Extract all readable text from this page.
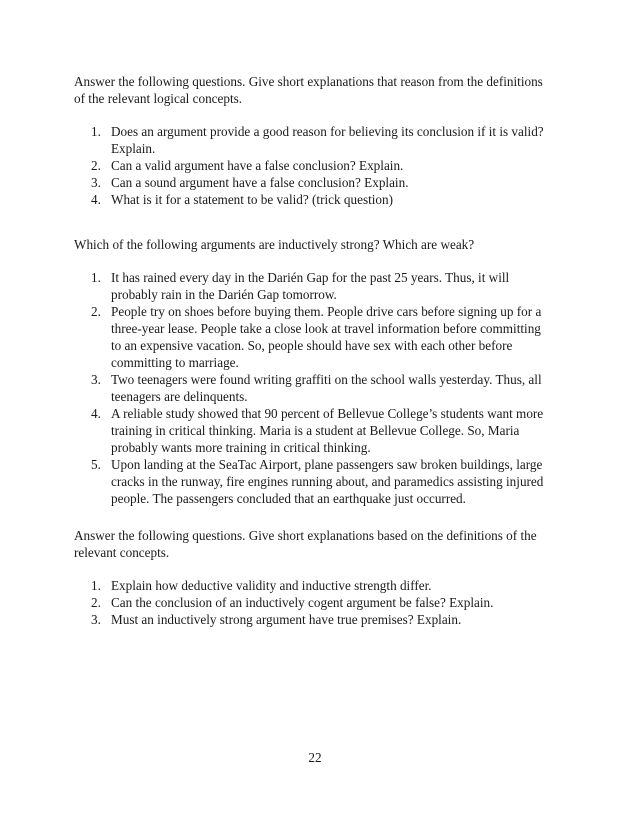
Answer the following questions. Give short explanations that reason from the definitions of the relevant logical concepts.

1. Does an argument provide a good reason for believing its conclusion if it is valid? Explain.
2. Can a valid argument have a false conclusion? Explain.
3. Can a sound argument have a false conclusion? Explain.
4. What is it for a statement to be valid? (trick question)

Which of the following arguments are inductively strong? Which are weak?

1. It has rained every day in the Darién Gap for the past 25 years. Thus, it will probably rain in the Darién Gap tomorrow.
2. People try on shoes before buying them. People drive cars before signing up for a three-year lease. People take a close look at travel information before committing to an expensive vacation. So, people should have sex with each other before committing to marriage.
3. Two teenagers were found writing graffiti on the school walls yesterday. Thus, all teenagers are delinquents.
4. A reliable study showed that 90 percent of Bellevue College’s students want more training in critical thinking. Maria is a student at Bellevue College. So, Maria probably wants more training in critical thinking.
5. Upon landing at the SeaTac Airport, plane passengers saw broken buildings, large cracks in the runway, fire engines running about, and paramedics assisting injured people. The passengers concluded that an earthquake just occurred.

Answer the following questions. Give short explanations based on the definitions of the relevant concepts.

1. Explain how deductive validity and inductive strength differ.
2. Can the conclusion of an inductively cogent argument be false? Explain.
3. Must an inductively strong argument have true premises? Explain.
22
